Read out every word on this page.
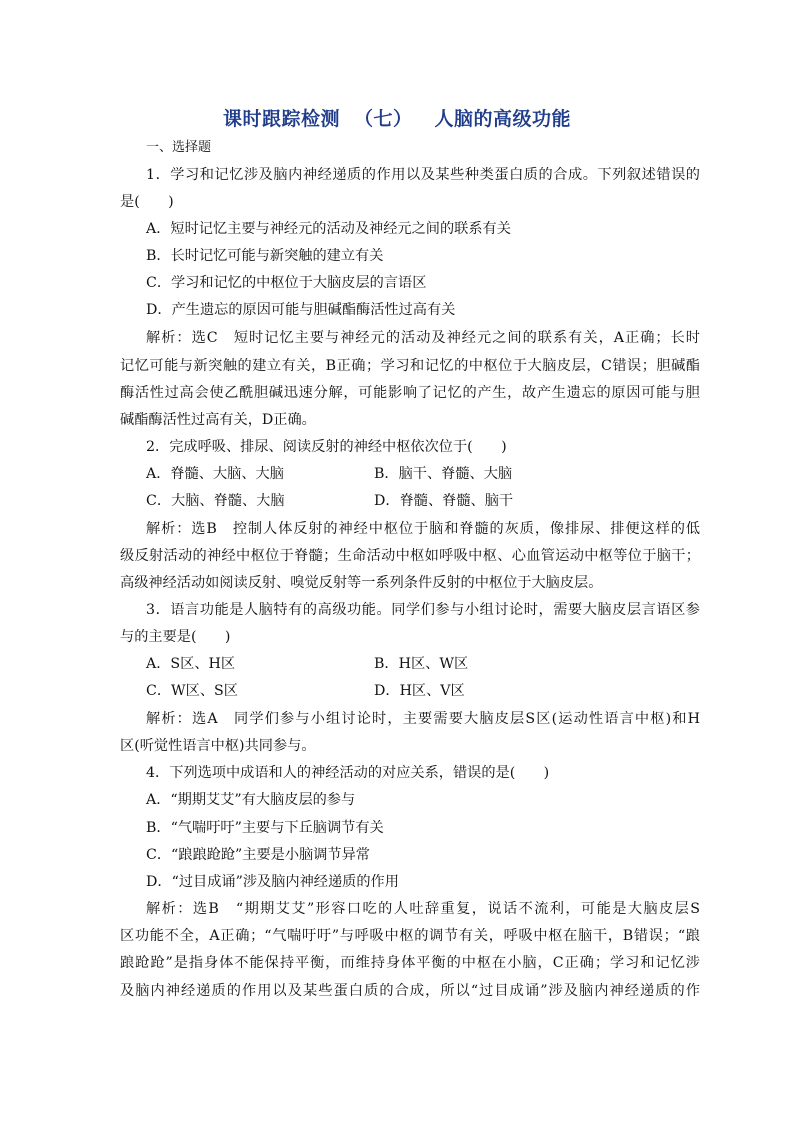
课时跟踪检测 （七） 人脑的高级功能
一、选择题
1．学习和记忆涉及脑内神经递质的作用以及某些种类蛋白质的合成。下列叙述错误的
是(　　)
A．短时记忆主要与神经元的活动及神经元之间的联系有关
B．长时记忆可能与新突触的建立有关
C．学习和记忆的中枢位于大脑皮层的言语区
D．产生遗忘的原因可能与胆碱酯酶活性过高有关
解析：选C　短时记忆主要与神经元的活动及神经元之间的联系有关，A正确；长时
记忆可能与新突触的建立有关，B正确；学习和记忆的中枢位于大脑皮层，C错误；胆碱酯
酶活性过高会使乙酰胆碱迅速分解，可能影响了记忆的产生，故产生遗忘的原因可能与胆
碱酯酶活性过高有关，D正确。
2．完成呼吸、排尿、阅读反射的神经中枢依次位于(　　)
A．脊髓、大脑、大脑	B．脑干、脊髓、大脑
C．大脑、脊髓、大脑	D．脊髓、脊髓、脑干
解析：选B　控制人体反射的神经中枢位于脑和脊髓的灰质，像排尿、排便这样的低
级反射活动的神经中枢位于脊髓；生命活动中枢如呼吸中枢、心血管运动中枢等位于脑干；
高级神经活动如阅读反射、嗅觉反射等一系列条件反射的中枢位于大脑皮层。
3．语言功能是人脑特有的高级功能。同学们参与小组讨论时，需要大脑皮层言语区参
与的主要是(　　)
A．S区、H区	B．H区、W区
C．W区、S区	D．H区、V区
解析：选A　同学们参与小组讨论时，主要需要大脑皮层S区(运动性语言中枢)和H
区(听觉性语言中枢)共同参与。
4．下列选项中成语和人的神经活动的对应关系，错误的是(　　)
A．“期期艾艾”有大脑皮层的参与
B．“气喘吁吁”主要与下丘脑调节有关
C．“踉踉跄跄”主要是小脑调节异常
D．“过目成诵”涉及脑内神经递质的作用
解析：选B　“期期艾艾”形容口吃的人吐辞重复，说话不流利，可能是大脑皮层S
区功能不全，A正确；“气喘吁吁”与呼吸中枢的调节有关，呼吸中枢在脑干，B错误；“踉
踉跄跄”是指身体不能保持平衡，而维持身体平衡的中枢在小脑，C正确；学习和记忆涉
及脑内神经递质的作用以及某些蛋白质的合成，所以“过目成诵”涉及脑内神经递质的作
